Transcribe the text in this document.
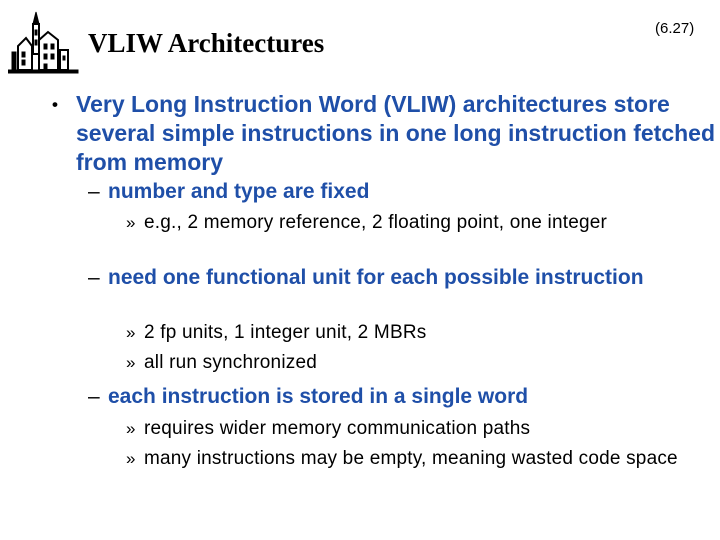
VLIW Architectures	(6.27)
• Very Long Instruction Word (VLIW) architectures store several simple instructions in one long instruction fetched from memory
– number and type are fixed
» e.g., 2 memory reference, 2 floating point, one integer
– need one functional unit for each possible instruction
» 2 fp units, 1 integer unit, 2 MBRs
» all run synchronized
– each instruction is stored in a single word
» requires wider memory communication paths
» many instructions may be empty, meaning wasted code space
